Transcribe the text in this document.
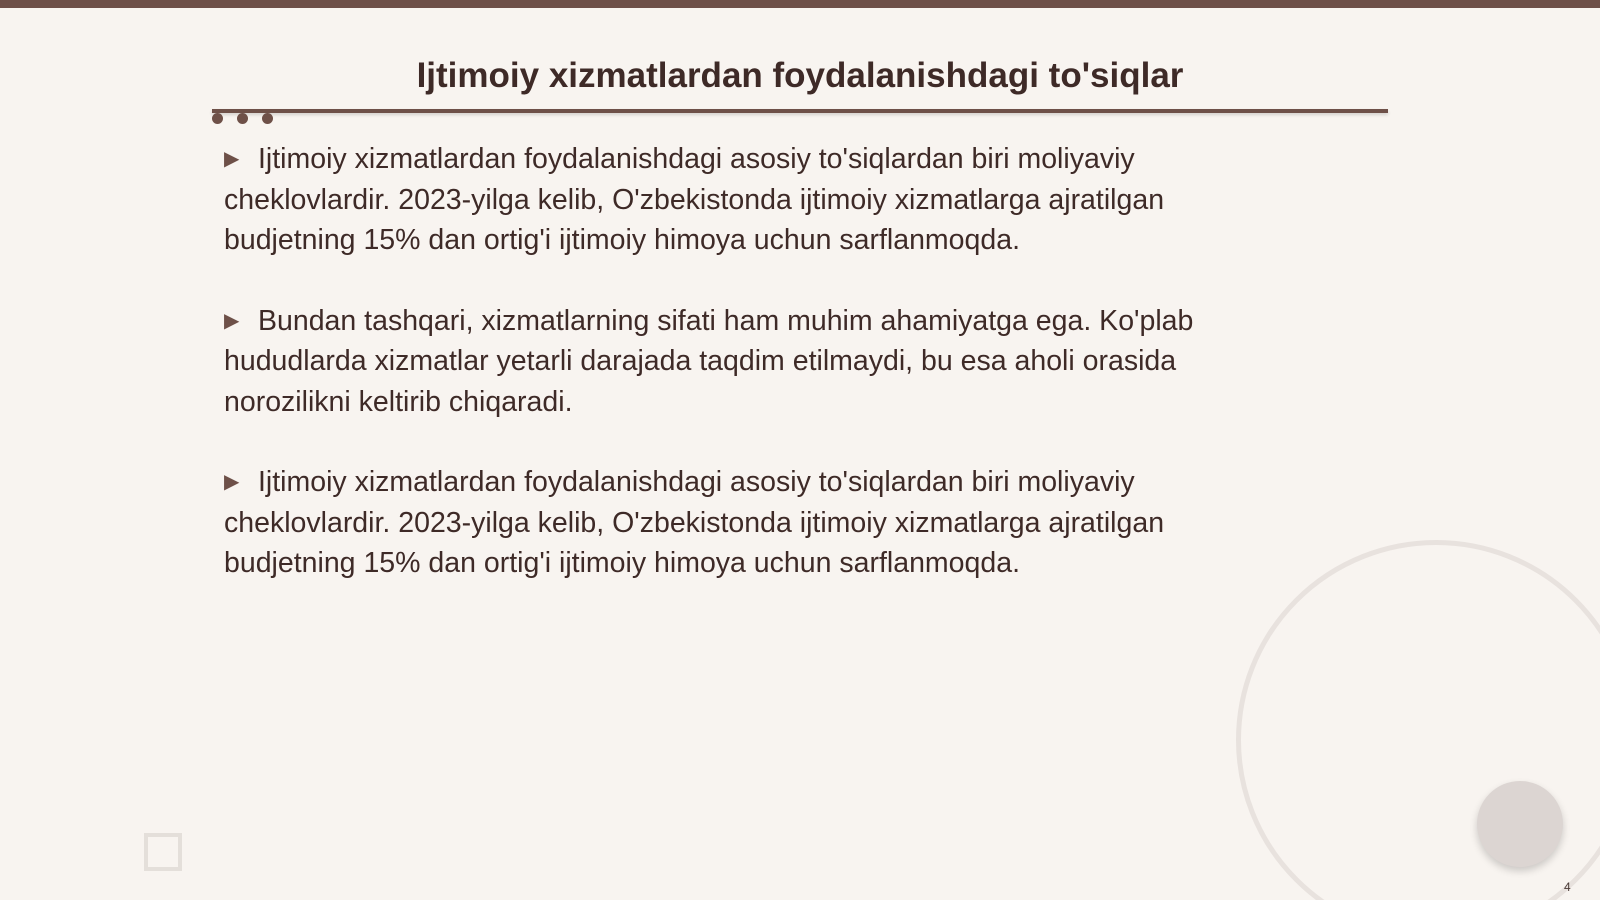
Ijtimoiy xizmatlardan foydalanishdagi to'siqlar
▶ Ijtimoiy xizmatlardan foydalanishdagi asosiy to'siqlardan biri moliyaviy cheklovlardir. 2023-yilga kelib, O'zbekistonda ijtimoiy xizmatlarga ajratilgan budjetning 15% dan ortig'i ijtimoiy himoya uchun sarflanmoqda.
▶ Bundan tashqari, xizmatlarning sifati ham muhim ahamiyatga ega. Ko'plab hududlarda xizmatlar yetarli darajada taqdim etilmaydi, bu esa aholi orasida norozilikni keltirib chiqaradi.
▶ Ijtimoiy xizmatlardan foydalanishdagi asosiy to'siqlardan biri moliyaviy cheklovlardir. 2023-yilga kelib, O'zbekistonda ijtimoiy xizmatlarga ajratilgan budjetning 15% dan ortig'i ijtimoiy himoya uchun sarflanmoqda.
4
